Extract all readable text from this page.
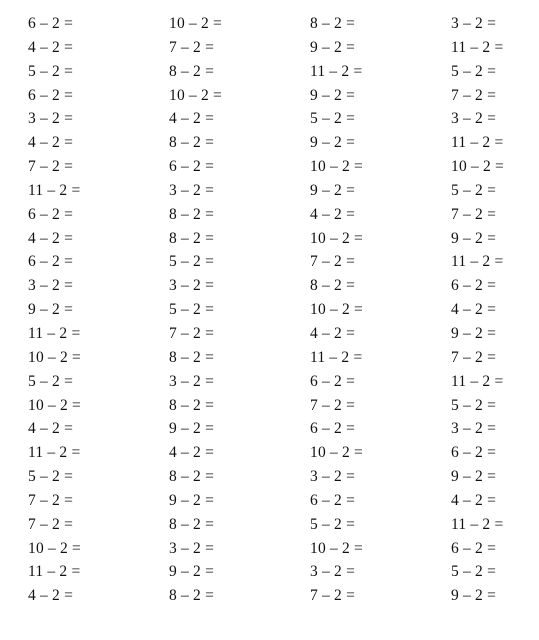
6 – 2 =	10 – 2 =	8 – 2 =	3 – 2 =
4 – 2 =	7 – 2 =	9 – 2 =	11 – 2 =
5 – 2 =	8 – 2 =	11 – 2 =	5 – 2 =
6 – 2 =	10 – 2 =	9 – 2 =	7 – 2 =
3 – 2 =	4 – 2 =	5 – 2 =	3 – 2 =
4 – 2 =	8 – 2 =	9 – 2 =	11 – 2 =
7 – 2 =	6 – 2 =	10 – 2 =	10 – 2 =
11 – 2 =	3 – 2 =	9 – 2 =	5 – 2 =
6 – 2 =	8 – 2 =	4 – 2 =	7 – 2 =
4 – 2 =	8 – 2 =	10 – 2 =	9 – 2 =
6 – 2 =	5 – 2 =	7 – 2 =	11 – 2 =
3 – 2 =	3 – 2 =	8 – 2 =	6 – 2 =
9 – 2 =	5 – 2 =	10 – 2 =	4 – 2 =
11 – 2 =	7 – 2 =	4 – 2 =	9 – 2 =
10 – 2 =	8 – 2 =	11 – 2 =	7 – 2 =
5 – 2 =	3 – 2 =	6 – 2 =	11 – 2 =
10 – 2 =	8 – 2 =	7 – 2 =	5 – 2 =
4 – 2 =	9 – 2 =	6 – 2 =	3 – 2 =
11 – 2 =	4 – 2 =	10 – 2 =	6 – 2 =
5 – 2 =	8 – 2 =	3 – 2 =	9 – 2 =
7 – 2 =	9 – 2 =	6 – 2 =	4 – 2 =
7 – 2 =	8 – 2 =	5 – 2 =	11 – 2 =
10 – 2 =	3 – 2 =	10 – 2 =	6 – 2 =
11 – 2 =	9 – 2 =	3 – 2 =	5 – 2 =
4 – 2 =	8 – 2 =	7 – 2 =	9 – 2 =
